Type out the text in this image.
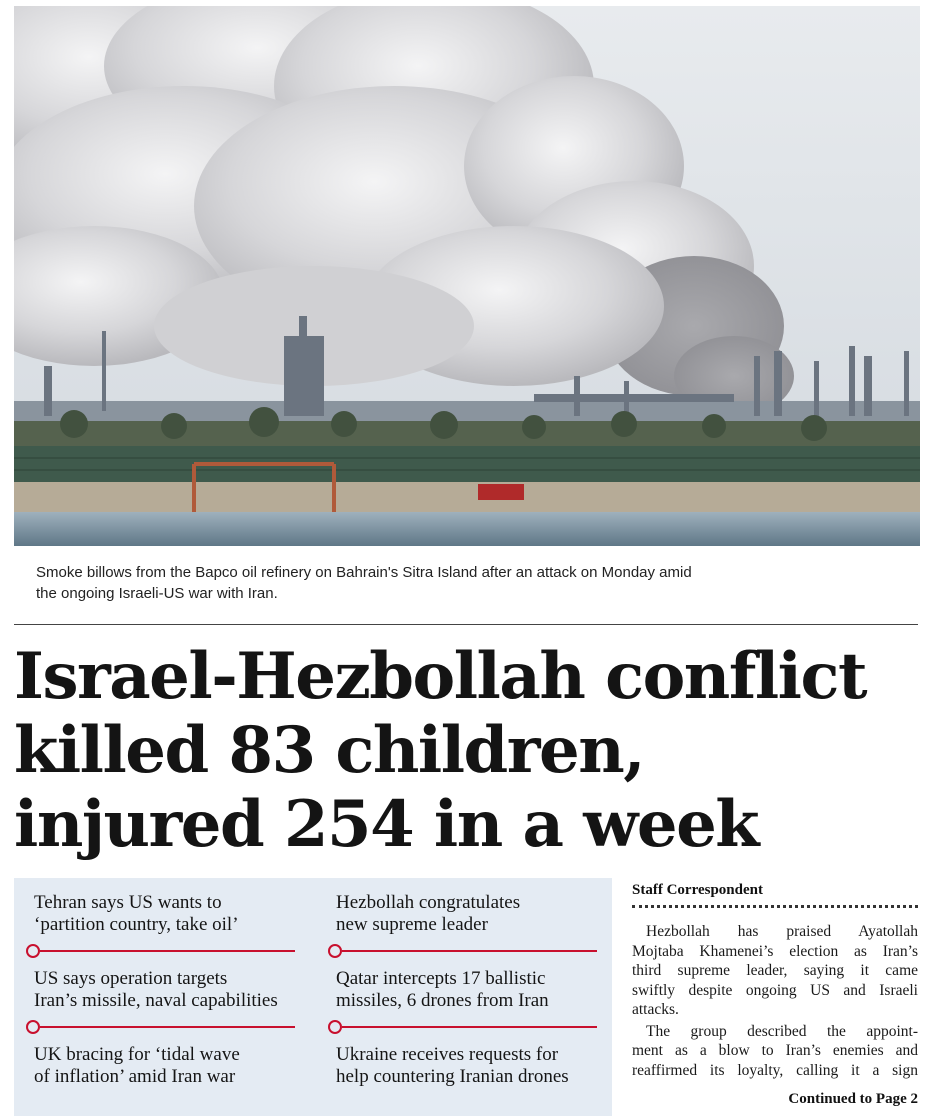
Smoke billows from the Bapco oil refinery on Bahrain's Sitra Island after an attack on Monday amid
the ongoing Israeli-US war with Iran.
Israel-Hezbollah conflict
killed 83 children,
injured 254 in a week
Tehran says US wants to
‘partition country, take oil’
US says operation targets
Iran’s missile, naval capabilities
UK bracing for ‘tidal wave
of inflation’ amid Iran war
Hezbollah congratulates
new supreme leader
Qatar intercepts 17 ballistic
missiles, 6 drones from Iran
Ukraine receives requests for
help countering Iranian drones
Staff Correspondent

Hezbollah has praised Ayatollah
Mojtaba Khamenei’s election as Iran’s
third supreme leader, saying it came
swiftly despite ongoing US and Israeli
attacks.

The group described the appoint-
ment as a blow to Iran’s enemies and
reaffirmed its loyalty, calling it a sign

Continued to Page 2
